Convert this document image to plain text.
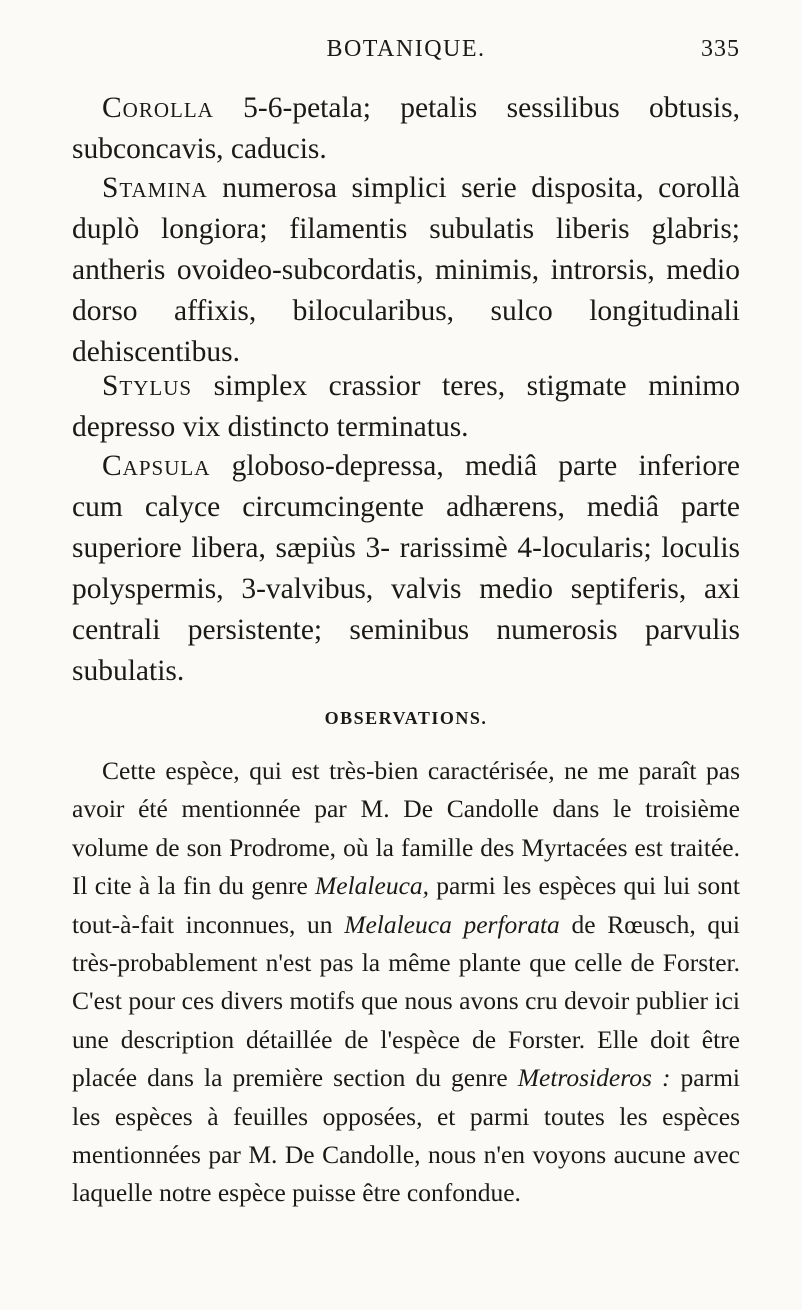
BOTANIQUE.	335

Corolla 5-6-petala; petalis sessilibus obtusis, subconcavis, caducis.

Stamina numerosa simplici serie disposita, corollà duplò longiora; filamentis subulatis liberis glabris; antheris ovoideo-subcordatis, minimis, introrsis, medio dorso affixis, bilocularibus, sulco longitudinali dehiscentibus.

Stylus simplex crassior teres, stigmate minimo depresso vix distincto terminatus.

Capsula globoso-depressa, mediâ parte inferiore cum calyce circumcingente adhærens, mediâ parte superiore libera, sæpiùs 3- rarissimè 4-locularis; loculis polyspermis, 3-valvibus, valvis medio septiferis, axi centrali persistente; seminibus numerosis parvulis subulatis.

OBSERVATIONS.

Cette espèce, qui est très-bien caractérisée, ne me paraît pas avoir été mentionnée par M. De Candolle dans le troisième volume de son Prodrome, où la famille des Myrtacées est traitée. Il cite à la fin du genre Melaleuca, parmi les espèces qui lui sont tout-à-fait inconnues, un Melaleuca perforata de Rœusch, qui très-probablement n'est pas la même plante que celle de Forster. C'est pour ces divers motifs que nous avons cru devoir publier ici une description détaillée de l'espèce de Forster. Elle doit être placée dans la première section du genre Metrosideros : parmi les espèces à feuilles opposées, et parmi toutes les espèces mentionnées par M. De Candolle, nous n'en voyons aucune avec laquelle notre espèce puisse être confondue.
